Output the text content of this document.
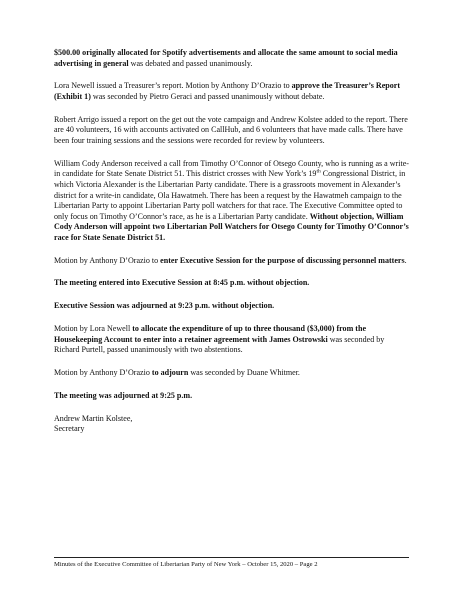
$500.00 originally allocated for Spotify advertisements and allocate the same amount to social media advertising in general was debated and passed unanimously.

Lora Newell issued a Treasurer’s report. Motion by Anthony D’Orazio to approve the Treasurer’s Report (Exhibit 1) was seconded by Pietro Geraci and passed unanimously without debate.

Robert Arrigo issued a report on the get out the vote campaign and Andrew Kolstee added to the report. There are 40 volunteers, 16 with accounts activated on CallHub, and 6 volunteers that have made calls. There have been four training sessions and the sessions were recorded for review by volunteers.

William Cody Anderson received a call from Timothy O’Connor of Otsego County, who is running as a write-in candidate for State Senate District 51. This district crosses with New York’s 19th Congressional District, in which Victoria Alexander is the Libertarian Party candidate. There is a grassroots movement in Alexander’s district for a write-in candidate, Ola Hawatmeh. There has been a request by the Hawatmeh campaign to the Libertarian Party to appoint Libertarian Party poll watchers for that race. The Executive Committee opted to only focus on Timothy O’Connor’s race, as he is a Libertarian Party candidate. Without objection, William Cody Anderson will appoint two Libertarian Poll Watchers for Otsego County for Timothy O’Connor’s race for State Senate District 51.

Motion by Anthony D’Orazio to enter Executive Session for the purpose of discussing personnel matters.

The meeting entered into Executive Session at 8:45 p.m. without objection.

Executive Session was adjourned at 9:23 p.m. without objection.

Motion by Lora Newell to allocate the expenditure of up to three thousand ($3,000) from the Housekeeping Account to enter into a retainer agreement with James Ostrowski was seconded by Richard Purtell, passed unanimously with two abstentions.

Motion by Anthony D’Orazio to adjourn was seconded by Duane Whitmer.

The meeting was adjourned at 9:25 p.m.

Andrew Martin Kolstee,

Secretary

Minutes of the Executive Committee of Libertarian Party of New York – October 15, 2020 – Page 2
